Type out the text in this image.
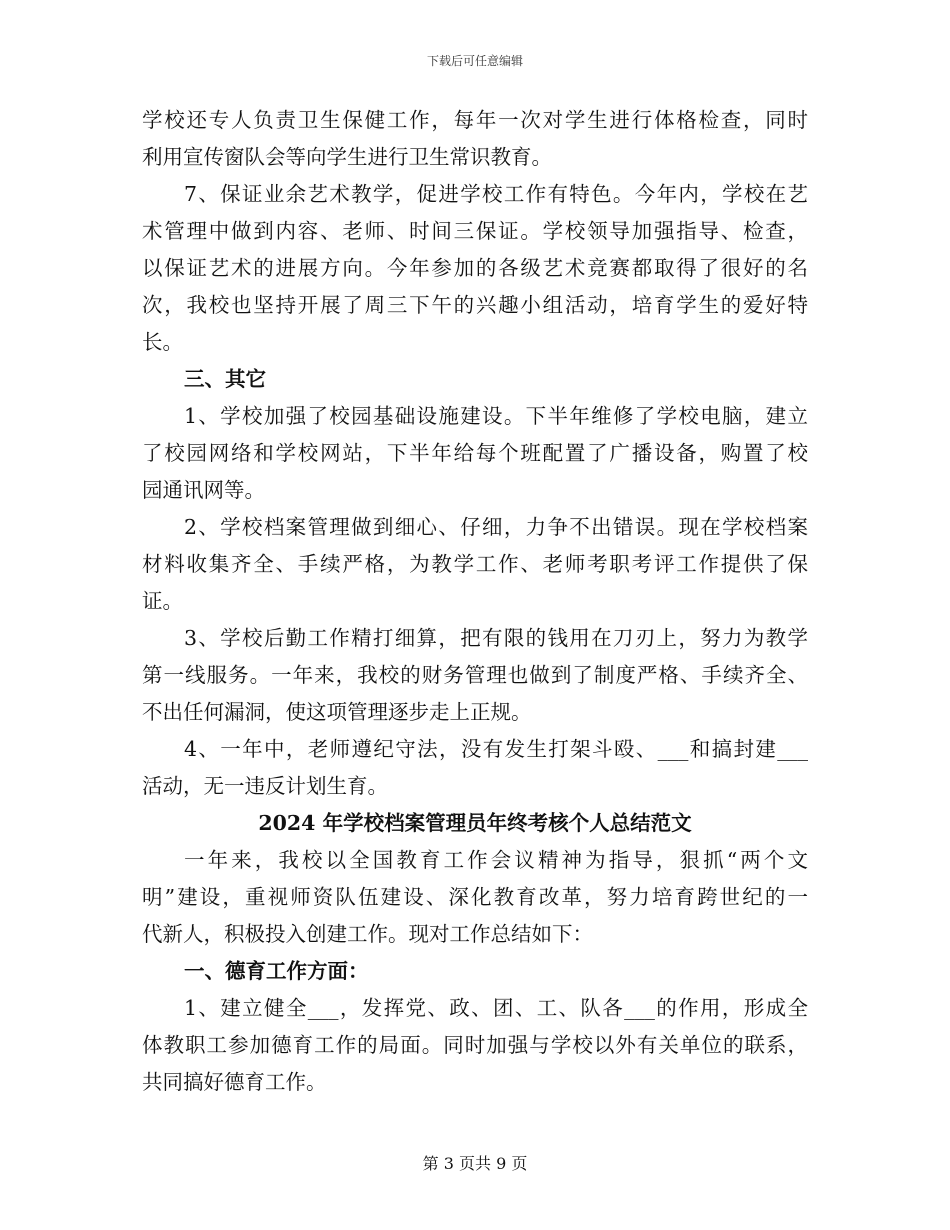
下载后可任意编辑
学校还专人负责卫生保健工作，每年一次对学生进行体格检查，同时
利用宣传窗队会等向学生进行卫生常识教育。
7、保证业余艺术教学，促进学校工作有特色。今年内，学校在艺
术管理中做到内容、老师、时间三保证。学校领导加强指导、检查，
以保证艺术的进展方向。今年参加的各级艺术竞赛都取得了很好的名
次，我校也坚持开展了周三下午的兴趣小组活动，培育学生的爱好特
长。
三、其它
1、学校加强了校园基础设施建设。下半年维修了学校电脑，建立
了校园网络和学校网站，下半年给每个班配置了广播设备，购置了校
园通讯网等。
2、学校档案管理做到细心、仔细，力争不出错误。现在学校档案
材料收集齐全、手续严格，为教学工作、老师考职考评工作提供了保
证。
3、学校后勤工作精打细算，把有限的钱用在刀刃上，努力为教学
第一线服务。一年来，我校的财务管理也做到了制度严格、手续齐全、
不出任何漏洞，使这项管理逐步走上正规。
4、一年中，老师遵纪守法，没有发生打架斗殴、___和搞封建___
活动，无一违反计划生育。
2024 年学校档案管理员年终考核个人总结范文
一年来，我校以全国教育工作会议精神为指导，狠抓“两个文
明”建设，重视师资队伍建设、深化教育改革，努力培育跨世纪的一
代新人，积极投入创建工作。现对工作总结如下：
一、德育工作方面：
1、建立健全___，发挥党、政、团、工、队各___的作用，形成全
体教职工参加德育工作的局面。同时加强与学校以外有关单位的联系，
共同搞好德育工作。
第 3 页共 9 页
